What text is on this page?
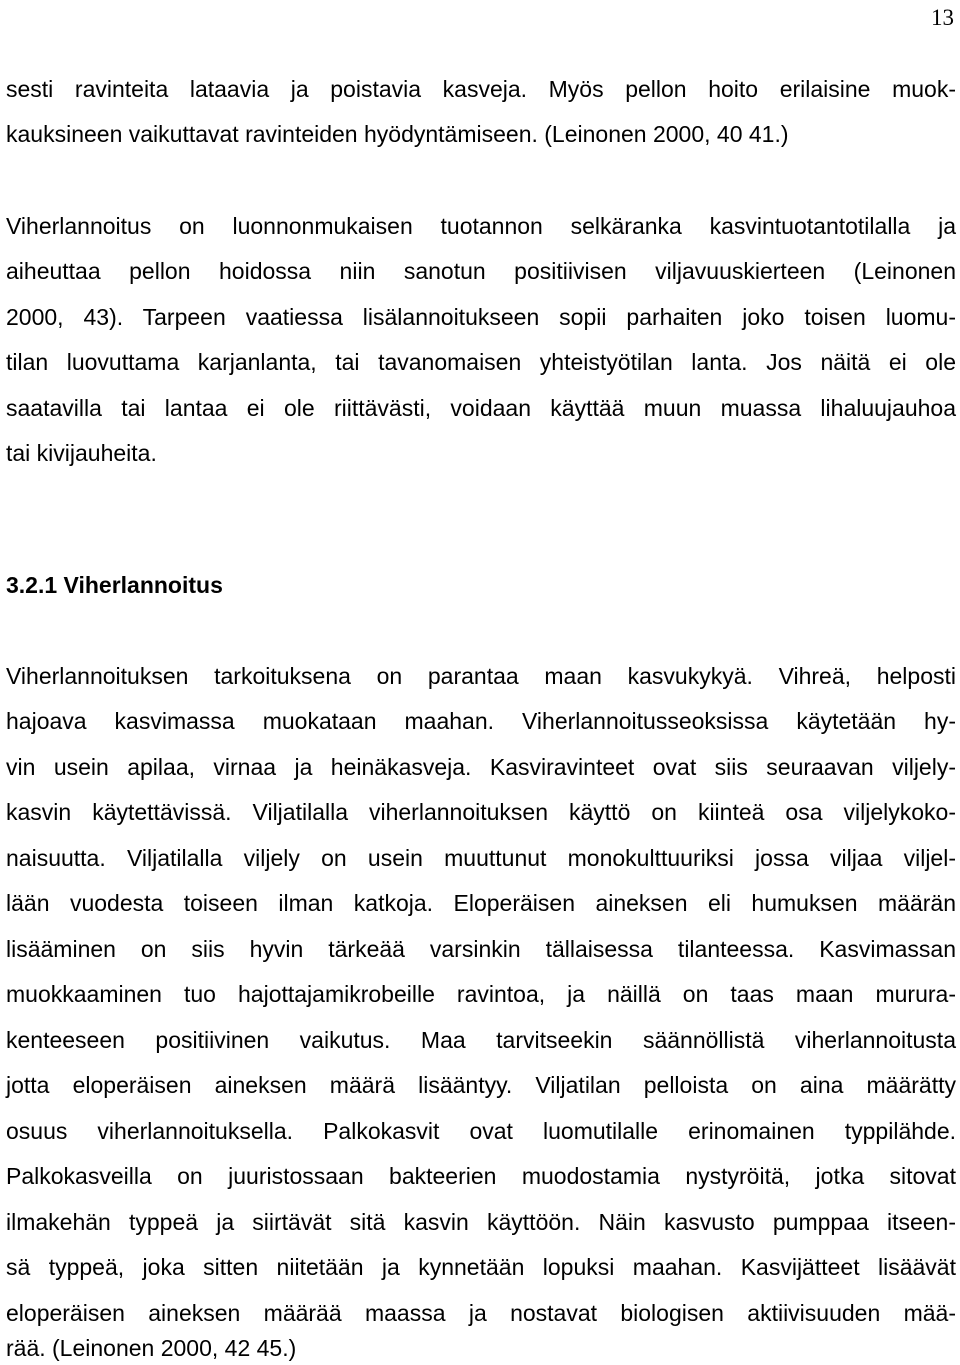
13
sesti ravinteita lataavia ja poistavia kasveja. Myös pellon hoito erilaisine muok-
kauksineen vaikuttavat ravinteiden hyödyntämiseen. (Leinonen 2000, 40 41.)
Viherlannoitus on luonnonmukaisen tuotannon selkäranka kasvintuotantotilalla ja
aiheuttaa pellon hoidossa niin sanotun positiivisen viljavuuskierteen (Leinonen
2000, 43). Tarpeen vaatiessa lisälannoitukseen sopii parhaiten joko toisen luomu-
tilan luovuttama karjanlanta, tai tavanomaisen yhteistyötilan lanta. Jos näitä ei ole
saatavilla tai lantaa ei ole riittävästi, voidaan käyttää muun muassa lihaluujauhoa
tai kivijauheita.
3.2.1 Viherlannoitus
Viherlannoituksen tarkoituksena on parantaa maan kasvukykyä. Vihreä, helposti
hajoava kasvimassa muokataan maahan. Viherlannoitusseoksissa käytetään hy-
vin usein apilaa, virnaa ja heinäkasveja. Kasviravinteet ovat siis seuraavan viljely-
kasvin käytettävissä. Viljatilalla viherlannoituksen käyttö on kiinteä osa viljelykoko-
naisuutta. Viljatilalla viljely on usein muuttunut monokulttuuriksi jossa viljaa viljel-
lään vuodesta toiseen ilman katkoja. Eloperäisen aineksen eli humuksen määrän
lisääminen on siis hyvin tärkeää varsinkin tällaisessa tilanteessa. Kasvimassan
muokkaaminen tuo hajottajamikrobeille ravintoa, ja näillä on taas maan mururа-
kenteeseen positiivinen vaikutus. Maa tarvitseekin säännöllistä viherlannoitusta
jotta eloperäisen aineksen määrä lisääntyy. Viljatilan pelloista on aina määrätty
osuus viherlannoituksella. Palkokasvit ovat luomutilalle erinomainen typpilähde.
Palkokasveilla on juuristossaan bakteerien muodostamia nystyröitä, jotka sitovat
ilmakehän typpeä ja siirtävät sitä kasvin käyttöön. Näin kasvusto pumppaa itseen-
sä typpeä, joka sitten niitetään ja kynnetään lopuksi maahan. Kasvijätteet lisäävät
eloperäisen aineksen määrää maassa ja nostavat biologisen aktiivisuuden mää-
rää. (Leinonen 2000, 42 45.)
